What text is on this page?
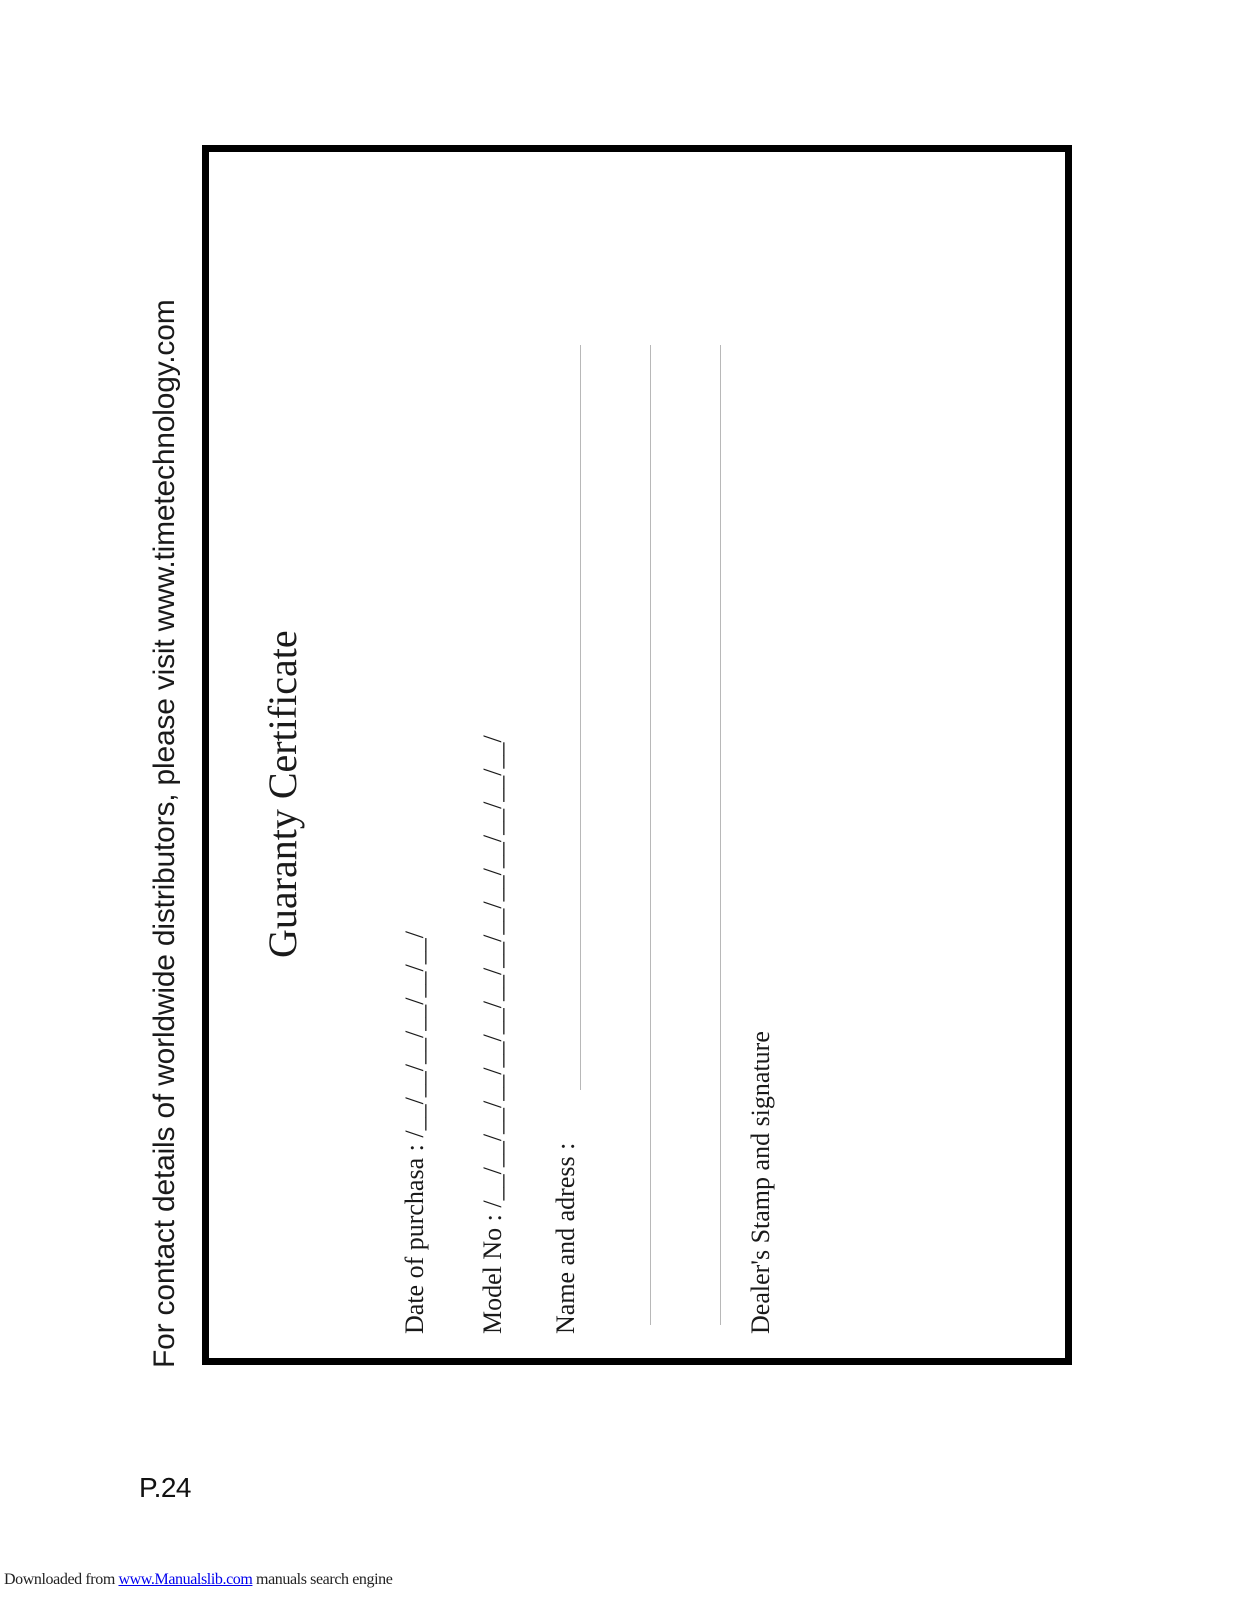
For contact details of worldwide distributors, please visit www.timetechnology.com Guaranty Certificate
Date of purchasa : /__/__/__/__/__/__/ Model No : /__/__/__/__/__/__/__/__/__/__/__/__/__/__/ Name and adress :	Dealer's Stamp and signature
P.24
Downloaded from www.Manualslib.com manuals search engine
